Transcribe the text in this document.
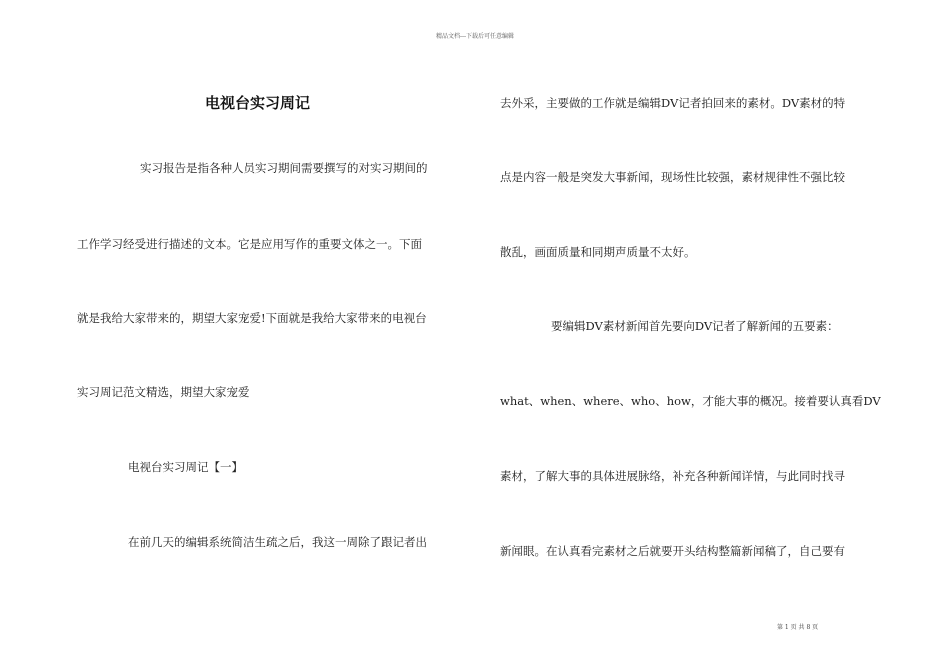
精品文档---下载后可任意编辑
电视台实习周记
实习报告是指各种人员实习期间需要撰写的对实习期间的
工作学习经受进行描述的文本。它是应用写作的重要文体之一。下面
就是我给大家带来的，期望大家宠爱!下面就是我给大家带来的电视台
实习周记范文精选，期望大家宠爱
电视台实习周记【一】
在前几天的编辑系统简洁生疏之后，我这一周除了跟记者出
去外采，主要做的工作就是编辑DV记者拍回来的素材。DV素材的特
点是内容一般是突发大事新闻，现场性比较强，素材规律性不强比较
散乱，画面质量和同期声质量不太好。
要编辑DV素材新闻首先要向DV记者了解新闻的五要素：
what、when、where、who、how，才能大事的概况。接着要认真看DV
素材，了解大事的具体进展脉络，补充各种新闻详情，与此同时找寻
新闻眼。在认真看完素材之后就要开头结构整篇新闻稿了，自己要有
第 1 页 共 8 页
